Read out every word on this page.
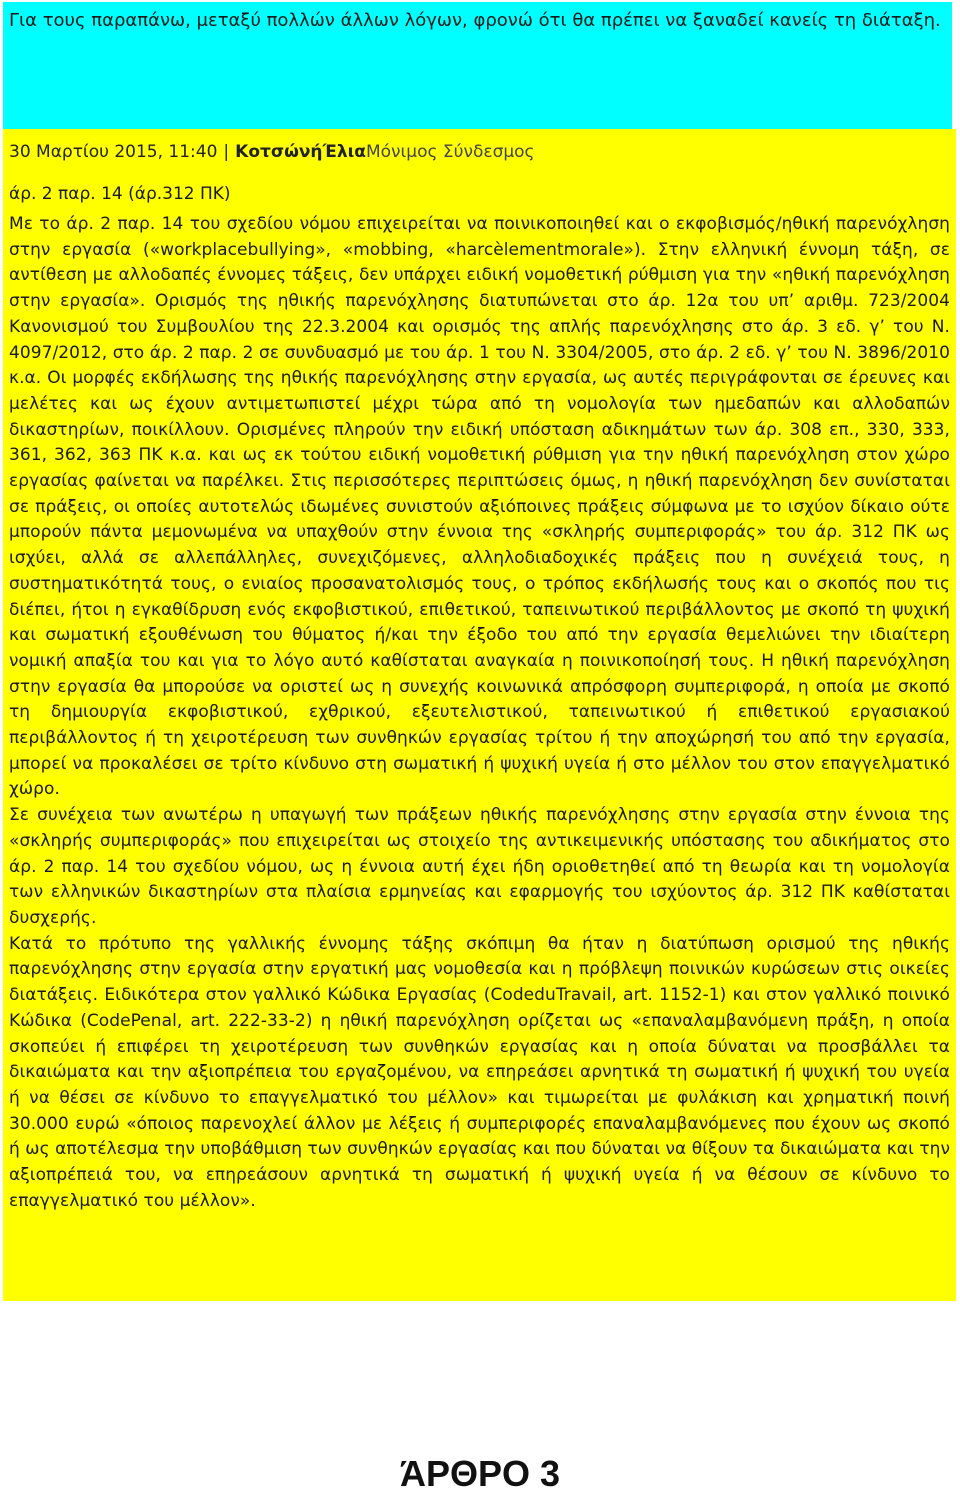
Για τους παραπάνω, μεταξύ πολλών άλλων λόγων, φρονώ ότι θα πρέπει να ξαναδεί κανείς τη διάταξη.
30 Μαρτίου 2015, 11:40 | ΚοτσώνήΈλιαΜόνιμος Σύνδεσμος
άρ. 2 παρ. 14 (άρ.312 ΠΚ)

Με το άρ. 2 παρ. 14 του σχεδίου νόμου επιχειρείται να ποινικοποιηθεί και ο εκφοβισμός/ηθική παρενόχληση στην εργασία («workplacebullying», «mobbing, «harcèlementmorale»). Στην ελληνική έννομη τάξη, σε αντίθεση με αλλοδαπές έννομες τάξεις, δεν υπάρχει ειδική νομοθετική ρύθμιση για την «ηθική παρενόχληση στην εργασία». Ορισμός της ηθικής παρενόχλησης διατυπώνεται στο άρ. 12α του υπ’ αριθμ. 723/2004 Κανονισμού του Συμβουλίου της 22.3.2004 και ορισμός της απλής παρενόχλησης στο άρ. 3 εδ. γ’ του Ν. 4097/2012, στο άρ. 2 παρ. 2 σε συνδυασμό με του άρ. 1 του Ν. 3304/2005, στο άρ. 2 εδ. γ’ του Ν. 3896/2010 κ.α. Οι μορφές εκδήλωσης της ηθικής παρενόχλησης στην εργασία, ως αυτές περιγράφονται σε έρευνες και μελέτες και ως έχουν αντιμετωπιστεί μέχρι τώρα από τη νομολογία των ημεδαπών και αλλοδαπών δικαστηρίων, ποικίλλουν. Ορισμένες πληρούν την ειδική υπόσταση αδικημάτων των άρ. 308 επ., 330, 333, 361, 362, 363 ΠΚ κ.α. και ως εκ τούτου ειδική νομοθετική ρύθμιση για την ηθική παρενόχληση στον χώρο εργασίας φαίνεται να παρέλκει. Στις περισσότερες περιπτώσεις όμως, η ηθική παρενόχληση δεν συνίσταται σε πράξεις, οι οποίες αυτοτελώς ιδωμένες συνιστούν αξιόποινες πράξεις σύμφωνα με το ισχύον δίκαιο ούτε μπορούν πάντα μεμονωμένα να υπαχθούν στην έννοια της «σκληρής συμπεριφοράς» του άρ. 312 ΠΚ ως ισχύει, αλλά σε αλλεπάλληλες, συνεχιζόμενες, αλληλοδιαδοχικές πράξεις που η συνέχειά τους, η συστηματικότητά τους, ο ενιαίος προσανατολισμός τους, ο τρόπος εκδήλωσής τους και ο σκοπός που τις διέπει, ήτοι η εγκαθίδρυση ενός εκφοβιστικού, επιθετικού, ταπεινωτικού περιβάλλοντος με σκοπό τη ψυχική και σωματική εξουθένωση του θύματος ή/και την έξοδο του από την εργασία θεμελιώνει την ιδιαίτερη νομική απαξία του και για το λόγο αυτό καθίσταται αναγκαία η ποινικοποίησή τους. Η ηθική παρενόχληση στην εργασία θα μπορούσε να οριστεί ως η συνεχής κοινωνικά απρόσφορη συμπεριφορά, η οποία με σκοπό τη δημιουργία εκφοβιστικού, εχθρικού, εξευτελιστικού, ταπεινωτικού ή επιθετικού εργασιακού περιβάλλοντος ή τη χειροτέρευση των συνθηκών εργασίας τρίτου ή την αποχώρησή του από την εργασία, μπορεί να προκαλέσει σε τρίτο κίνδυνο στη σωματική ή ψυχική υγεία ή στο μέλλον του στον επαγγελματικό χώρο.

Σε συνέχεια των ανωτέρω η υπαγωγή των πράξεων ηθικής παρενόχλησης στην εργασία στην έννοια της «σκληρής συμπεριφοράς» που επιχειρείται ως στοιχείο της αντικειμενικής υπόστασης του αδικήματος στο άρ. 2 παρ. 14 του σχεδίου νόμου, ως η έννοια αυτή έχει ήδη οριοθετηθεί από τη θεωρία και τη νομολογία των ελληνικών δικαστηρίων στα πλαίσια ερμηνείας και εφαρμογής του ισχύοντος άρ. 312 ΠΚ καθίσταται δυσχερής.

Κατά το πρότυπο της γαλλικής έννομης τάξης σκόπιμη θα ήταν η διατύπωση ορισμού της ηθικής παρενόχλησης στην εργασία στην εργατική μας νομοθεσία και η πρόβλεψη ποινικών κυρώσεων στις οικείες διατάξεις. Ειδικότερα στον γαλλικό Κώδικα Εργασίας (CodeduTravail, art. 1152-1) και στον γαλλικό ποινικό Κώδικα (CodePenal, art. 222-33-2) η ηθική παρενόχληση ορίζεται ως «επαναλαμβανόμενη πράξη, η οποία σκοπεύει ή επιφέρει τη χειροτέρευση των συνθηκών εργασίας και η οποία δύναται να προσβάλλει τα δικαιώματα και την αξιοπρέπεια του εργαζομένου, να επηρεάσει αρνητικά τη σωματική ή ψυχική του υγεία ή να θέσει σε κίνδυνο το επαγγελματικό του μέλλον» και τιμωρείται με φυλάκιση και χρηματική ποινή 30.000 ευρώ «όποιος παρενοχλεί άλλον με λέξεις ή συμπεριφορές επαναλαμβανόμενες που έχουν ως σκοπό ή ως αποτέλεσμα την υποβάθμιση των συνθηκών εργασίας και που δύναται να θίξουν τα δικαιώματα και την αξιοπρέπειά του, να επηρεάσουν αρνητικά τη σωματική ή ψυχική υγεία ή να θέσουν σε κίνδυνο το επαγγελματικό του μέλλον».

ΆΡΘΡΟ 3
